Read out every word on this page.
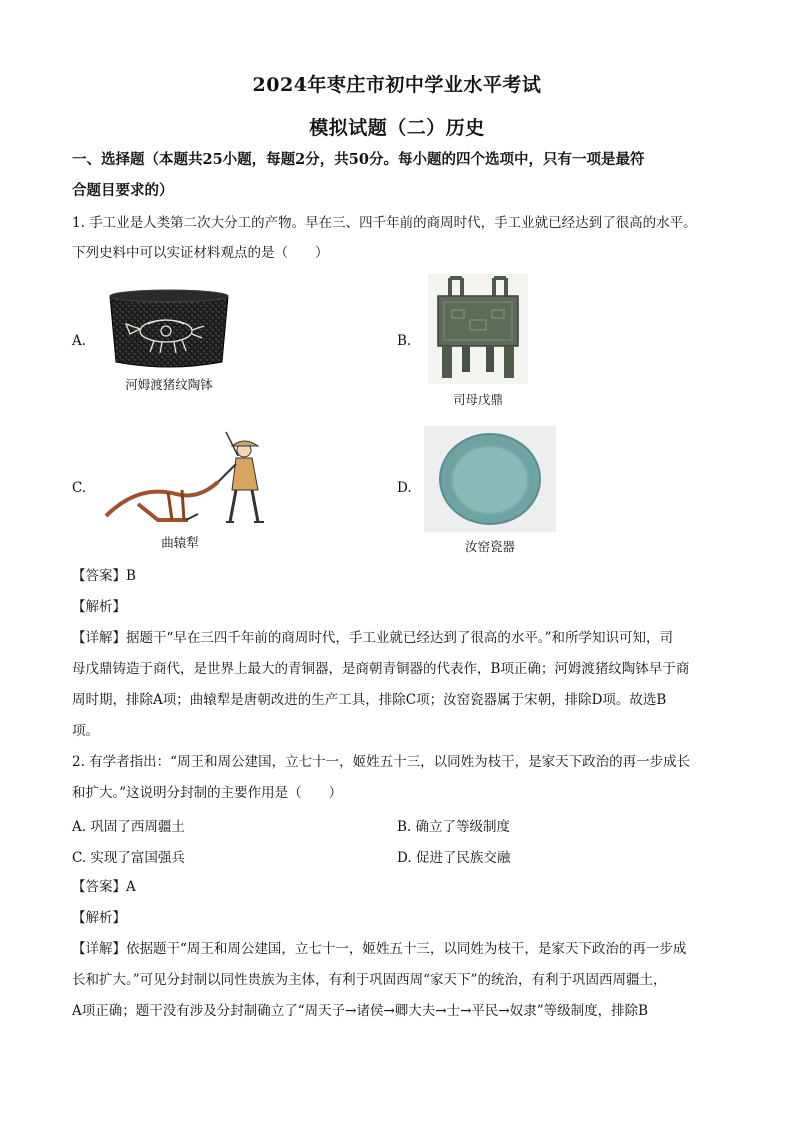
2024年枣庄市初中学业水平考试
模拟试题（二）历史
一、选择题（本题共25小题，每题2分，共50分。每小题的四个选项中，只有一项是最符
合题目要求的）
1. 手工业是人类第二次大分工的产物。早在三、四千年前的商周时代，手工业就已经达到了很高的水平。
下列史料中可以实证材料观点的是（　　）
A.
河姆渡猪纹陶钵
B.
司母戊鼎
C.
曲辕犁
D.
汝窑瓷器
【答案】B
【解析】
【详解】据题干“早在三四千年前的商周时代，手工业就已经达到了很高的水平。”和所学知识可知，司
母戊鼎铸造于商代，是世界上最大的青铜器，是商朝青铜器的代表作，B项正确；河姆渡猪纹陶钵早于商
周时期，排除A项；曲辕犁是唐朝改进的生产工具，排除C项；汝窑瓷器属于宋朝，排除D项。故选B
项。
2. 有学者指出：“周王和周公建国，立七十一，姬姓五十三，以同姓为枝干，是家天下政治的再一步成长
和扩大。”这说明分封制的主要作用是（　　）
A. 巩固了西周疆土	B. 确立了等级制度
C. 实现了富国强兵	D. 促进了民族交融
【答案】A
【解析】
【详解】依据题干“周王和周公建国，立七十一，姬姓五十三，以同姓为枝干，是家天下政治的再一步成
长和扩大。”可见分封制以同性贵族为主体，有利于巩固西周“家天下”的统治，有利于巩固西周疆土，
A项正确；题干没有涉及分封制确立了“周天子→诸侯→卿大夫→士→平民→奴隶”等级制度，排除B
